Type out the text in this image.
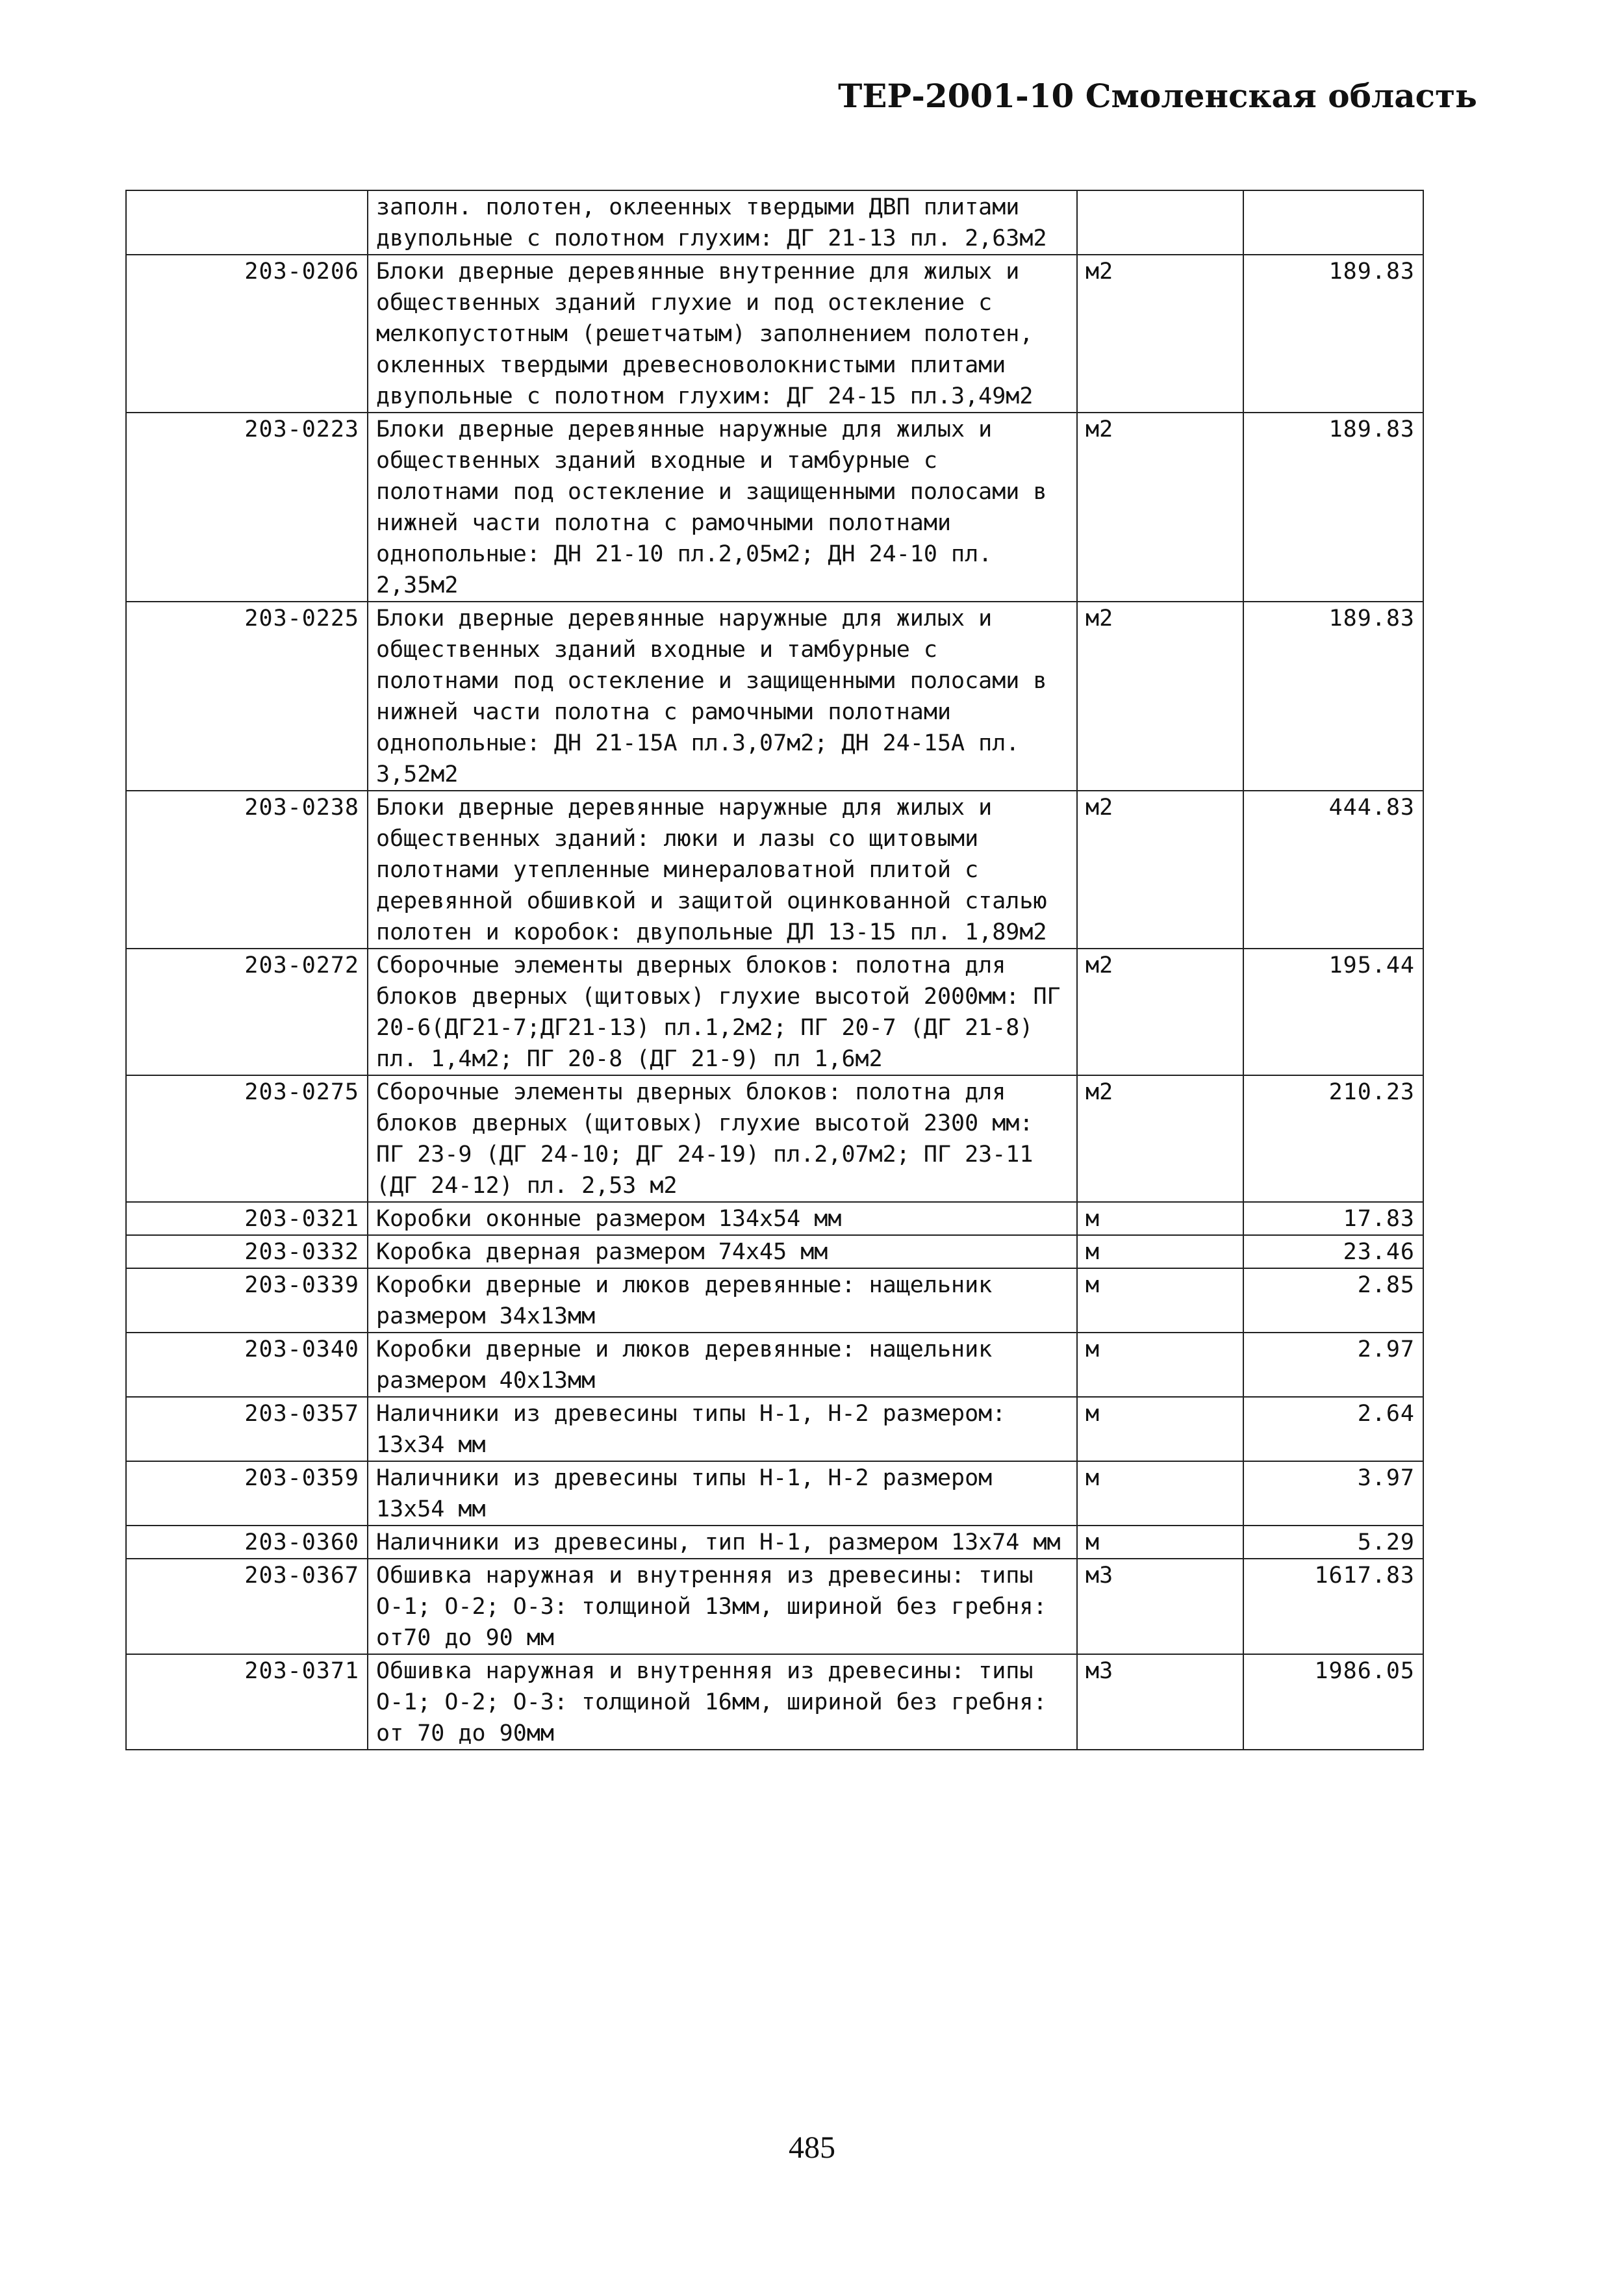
ТЕР-2001-10 Смоленская область
	заполн. полотен, оклеенных твердыми ДВП плитами двупольные с полотном глухим: ДГ 21-13 пл. 2,63м2		
203-0206	Блоки дверные деревянные внутренние для жилых и общественных зданий глухие и под остекление с мелкопустотным (решетчатым) заполнением полотен, окленных твердыми древесноволокнистыми плитами двупольные с полотном глухим: ДГ 24-15 пл.3,49м2	м2	189.83
203-0223	Блоки дверные деревянные наружные для жилых и общественных зданий входные и тамбурные с полотнами под остекление и защищенными полосами в нижней части полотна с рамочными полотнами однопольные: ДН 21-10 пл.2,05м2; ДН 24-10 пл. 2,35м2	м2	189.83
203-0225	Блоки дверные деревянные наружные для жилых и общественных зданий входные и тамбурные с полотнами под остекление и защищенными полосами в нижней части полотна с рамочными полотнами однопольные: ДН 21-15А пл.3,07м2; ДН 24-15А пл. 3,52м2	м2	189.83
203-0238	Блоки дверные деревянные наружные для жилых и общественных зданий: люки и лазы со щитовыми полотнами утепленные минераловатной плитой с деревянной обшивкой и защитой оцинкованной сталью полотен и коробок: двупольные ДЛ 13-15 пл. 1,89м2	м2	444.83
203-0272	Сборочные элементы дверных блоков: полотна для блоков дверных (щитовых) глухие высотой 2000мм: ПГ 20-6(ДГ21-7;ДГ21-13) пл.1,2м2; ПГ 20-7 (ДГ 21-8) пл. 1,4м2; ПГ 20-8 (ДГ 21-9) пл 1,6м2	м2	195.44
203-0275	Сборочные элементы дверных блоков: полотна для блоков дверных (щитовых) глухие высотой 2300 мм: ПГ 23-9 (ДГ 24-10; ДГ 24-19) пл.2,07м2; ПГ 23-11 (ДГ 24-12) пл. 2,53 м2	м2	210.23
203-0321	Коробки оконные размером 134х54 мм	м	17.83
203-0332	Коробка дверная размером 74х45 мм	м	23.46
203-0339	Коробки дверные и люков деревянные: нащельник размером 34х13мм	м	2.85
203-0340	Коробки дверные и люков деревянные: нащельник размером 40х13мм	м	2.97
203-0357	Наличники из древесины типы Н-1, Н-2 размером: 13х34 мм	м	2.64
203-0359	Наличники из древесины типы Н-1, Н-2 размером 13х54 мм	м	3.97
203-0360	Наличники из древесины, тип Н-1, размером 13х74 мм	м	5.29
203-0367	Обшивка наружная и внутренняя из древесины: типы О-1; О-2; О-3: толщиной 13мм, шириной без гребня: от70 до 90 мм	м3	1617.83
203-0371	Обшивка наружная и внутренняя из древесины: типы О-1; О-2; О-3: толщиной 16мм, шириной без гребня: от 70 до 90мм	м3	1986.05
485
